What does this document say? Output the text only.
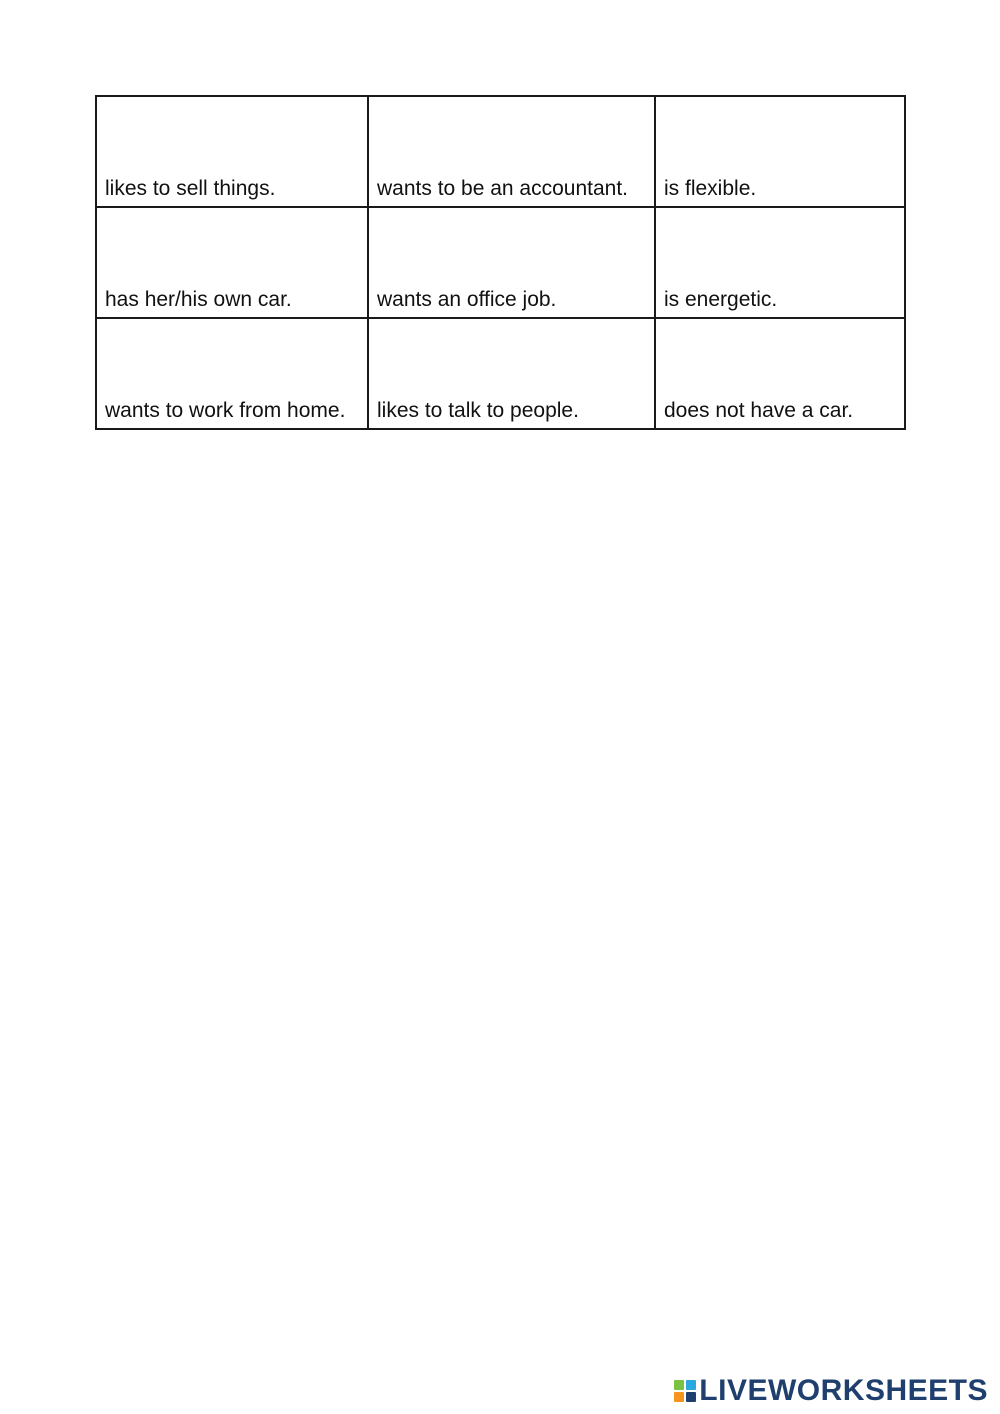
likes to sell things.	wants to be an accountant.	is flexible.
has her/his own car.	wants an office job.	is energetic.
wants to work from home.	likes to talk to people.	does not have a car.
LIVEWORKSHEETS
